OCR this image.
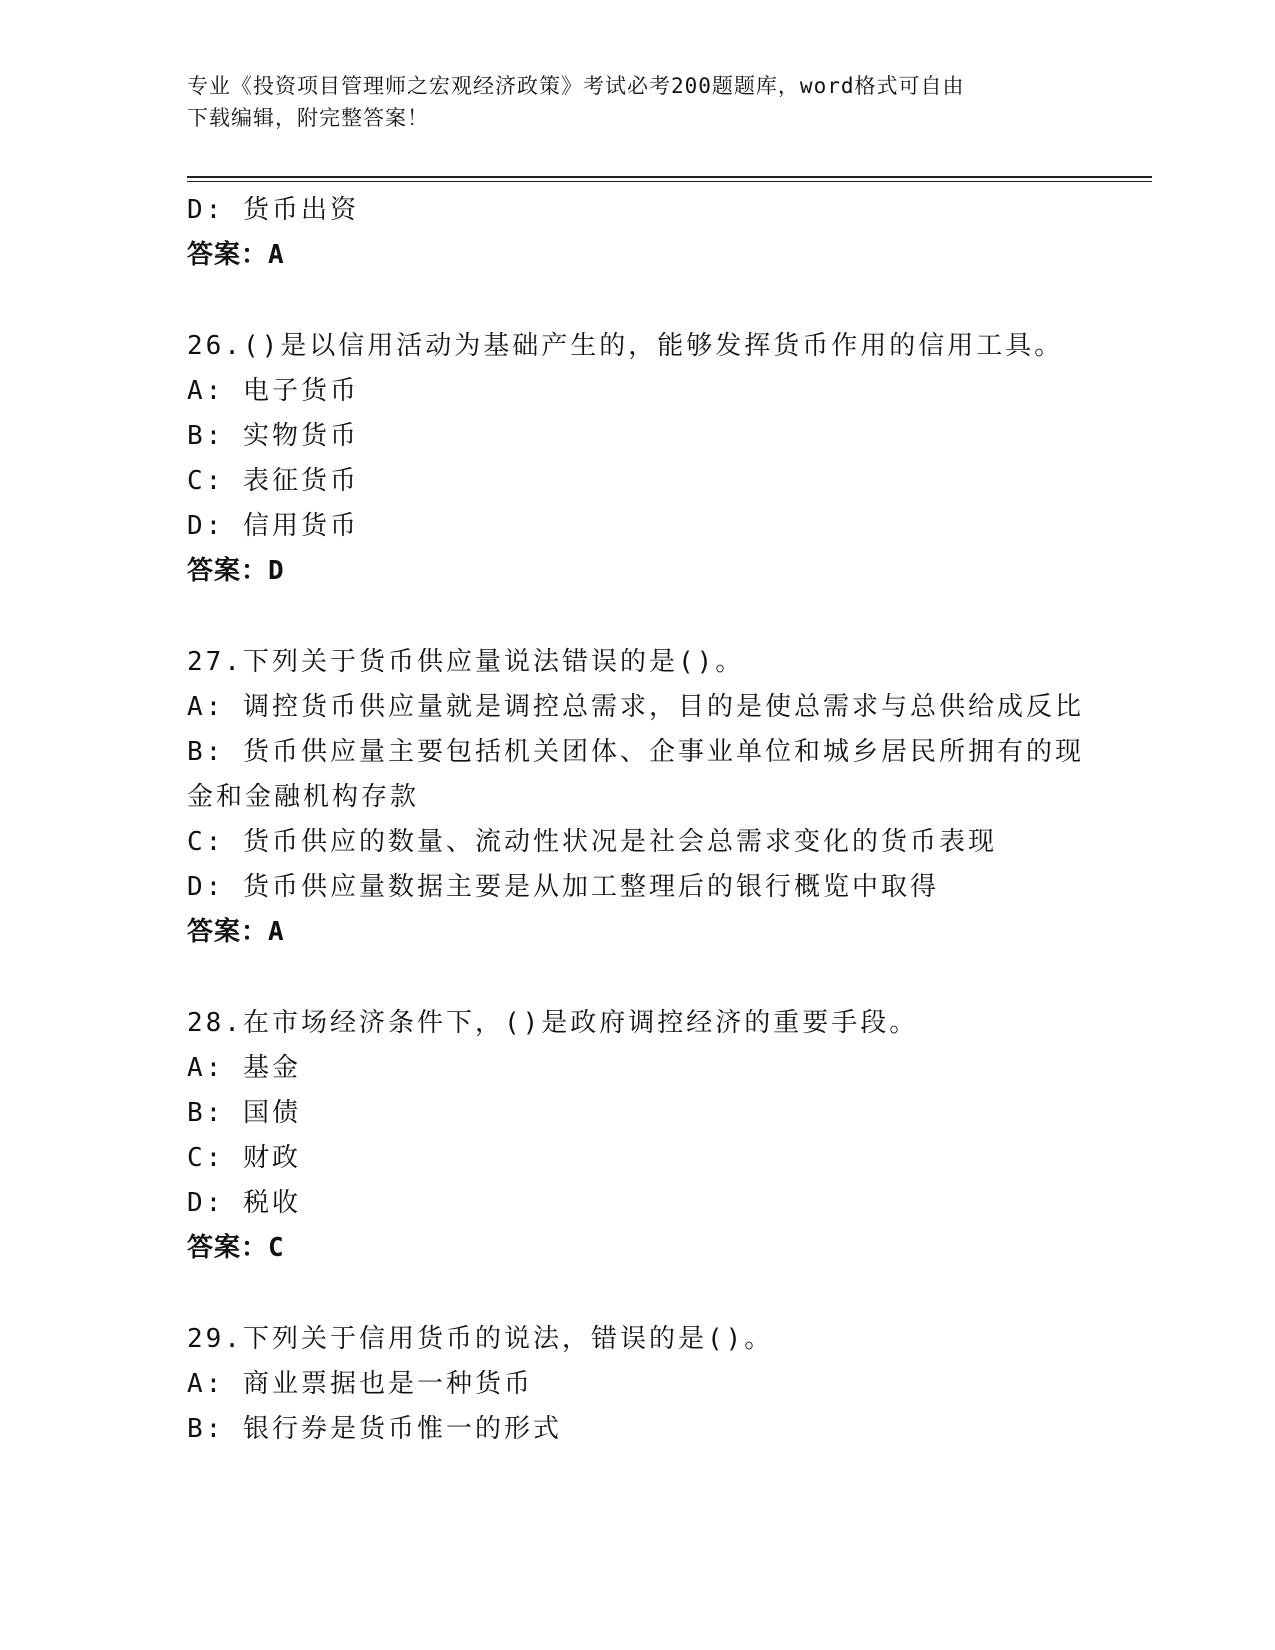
专业《投资项目管理师之宏观经济政策》考试必考200题题库，word格式可自由
下载编辑，附完整答案！
D: 货币出资
答案：A
26.()是以信用活动为基础产生的，能够发挥货币作用的信用工具。
A: 电子货币
B: 实物货币
C: 表征货币
D: 信用货币
答案：D
27.下列关于货币供应量说法错误的是()。
A: 调控货币供应量就是调控总需求，目的是使总需求与总供给成反比
B: 货币供应量主要包括机关团体、企事业单位和城乡居民所拥有的现
金和金融机构存款
C: 货币供应的数量、流动性状况是社会总需求变化的货币表现
D: 货币供应量数据主要是从加工整理后的银行概览中取得
答案：A
28.在市场经济条件下，()是政府调控经济的重要手段。
A: 基金
B: 国债
C: 财政
D: 税收
答案：C
29.下列关于信用货币的说法，错误的是()。
A: 商业票据也是一种货币
B: 银行券是货币惟一的形式
